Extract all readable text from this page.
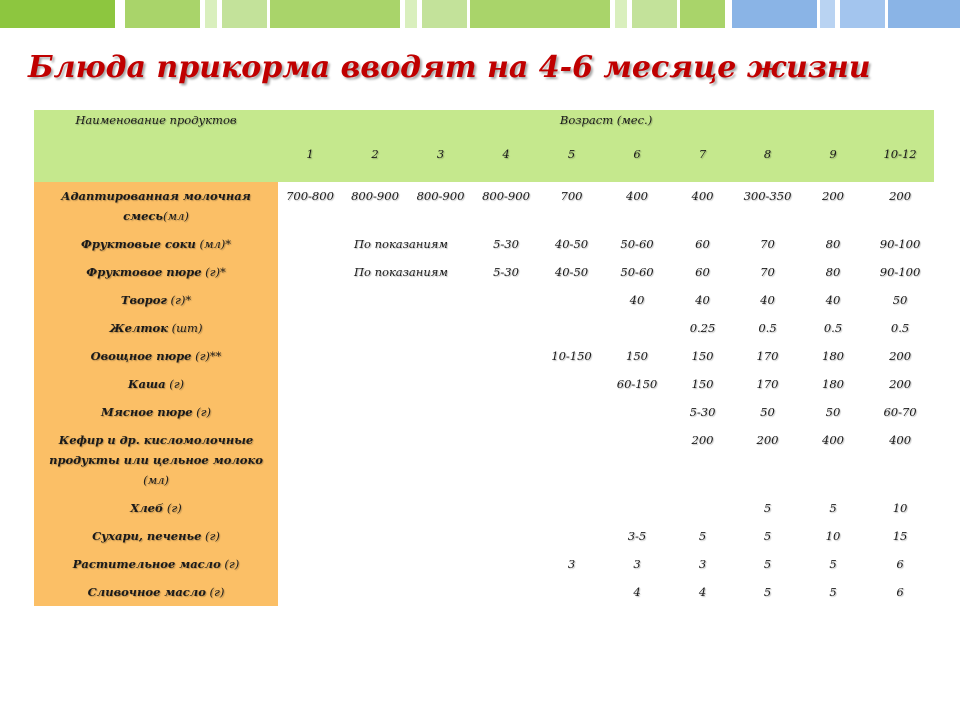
Блюда прикорма вводят на 4-6 месяце жизни
Наименование продуктов	Возраст (мес.)									
	1	2	3	4	5	6	7	8	9	10-12
Адаптированная молочная смесь(мл)	700-800	800-900	800-900	800-900	700	400	400	300-350	200	200
Фруктовые соки (мл)*		По показаниям		5-30	40-50	50-60	60	70	80	90-100
Фруктовое пюре (г)*		По показаниям		5-30	40-50	50-60	60	70	80	90-100
Творог (г)*						40	40	40	40	50
Желток (шт)							0.25	0.5	0.5	0.5
Овощное пюре (г)**					10-150	150	150	170	180	200
Каша (г)						60-150	150	170	180	200
Мясное пюре (г)							5-30	50	50	60-70
Кефир и др. кисломолочные продукты или цельное молоко (мл)							200	200	400	400
Хлеб (г)								5	5	10
Сухари, печенье (г)						3-5	5	5	10	15
Растительное масло (г)					3	3	3	5	5	6
Сливочное масло (г)						4	4	5	5	6
